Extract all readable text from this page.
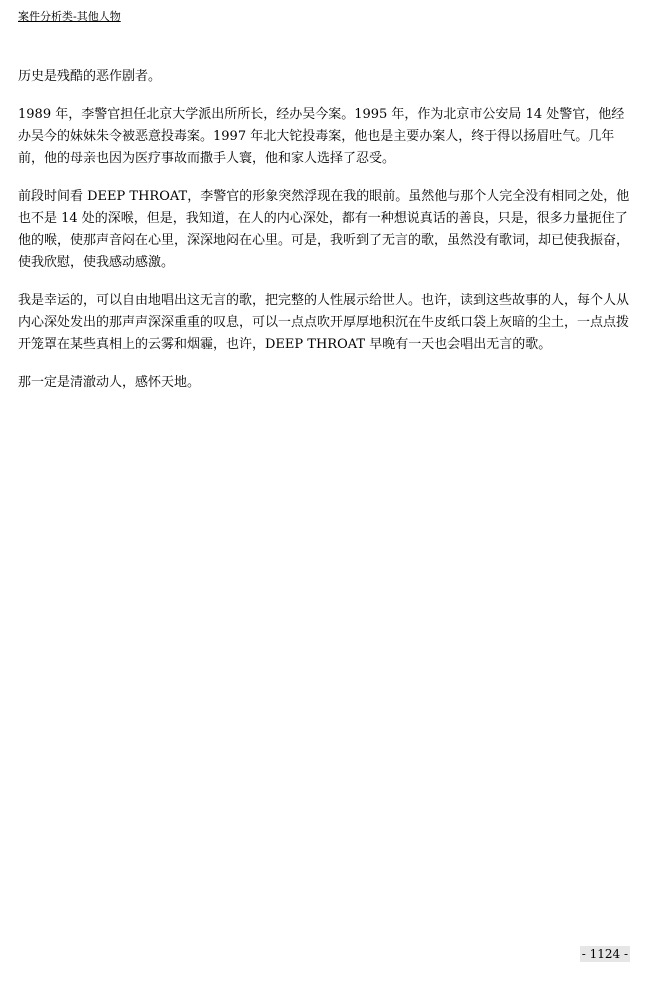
案件分析类-其他人物

历史是残酷的恶作剧者。

1989 年，李警官担任北京大学派出所所长，经办吴今案。1995 年，作为北京市公安局 14 处警官，他经办吴今的妹妹朱令被恶意投毒案。1997 年北大铊投毒案，他也是主要办案人，终于得以扬眉吐气。几年前，他的母亲也因为医疗事故而撒手人寰，他和家人选择了忍受。

前段时间看 DEEP THROAT，李警官的形象突然浮现在我的眼前。虽然他与那个人完全没有相同之处，他也不是 14 处的深喉，但是，我知道，在人的内心深处，都有一种想说真话的善良，只是，很多力量扼住了他的喉，使那声音闷在心里，深深地闷在心里。可是，我听到了无言的歌，虽然没有歌词，却已使我振奋，使我欣慰，使我感动感激。

我是幸运的，可以自由地唱出这无言的歌，把完整的人性展示给世人。也许，读到这些故事的人，每个人从内心深处发出的那声声深深重重的叹息，可以一点点吹开厚厚地积沉在牛皮纸口袋上灰暗的尘土，一点点拨开笼罩在某些真相上的云雾和烟霾，也许，DEEP THROAT 早晚有一天也会唱出无言的歌。

那一定是清澈动人，感怀天地。

- 1124 -
